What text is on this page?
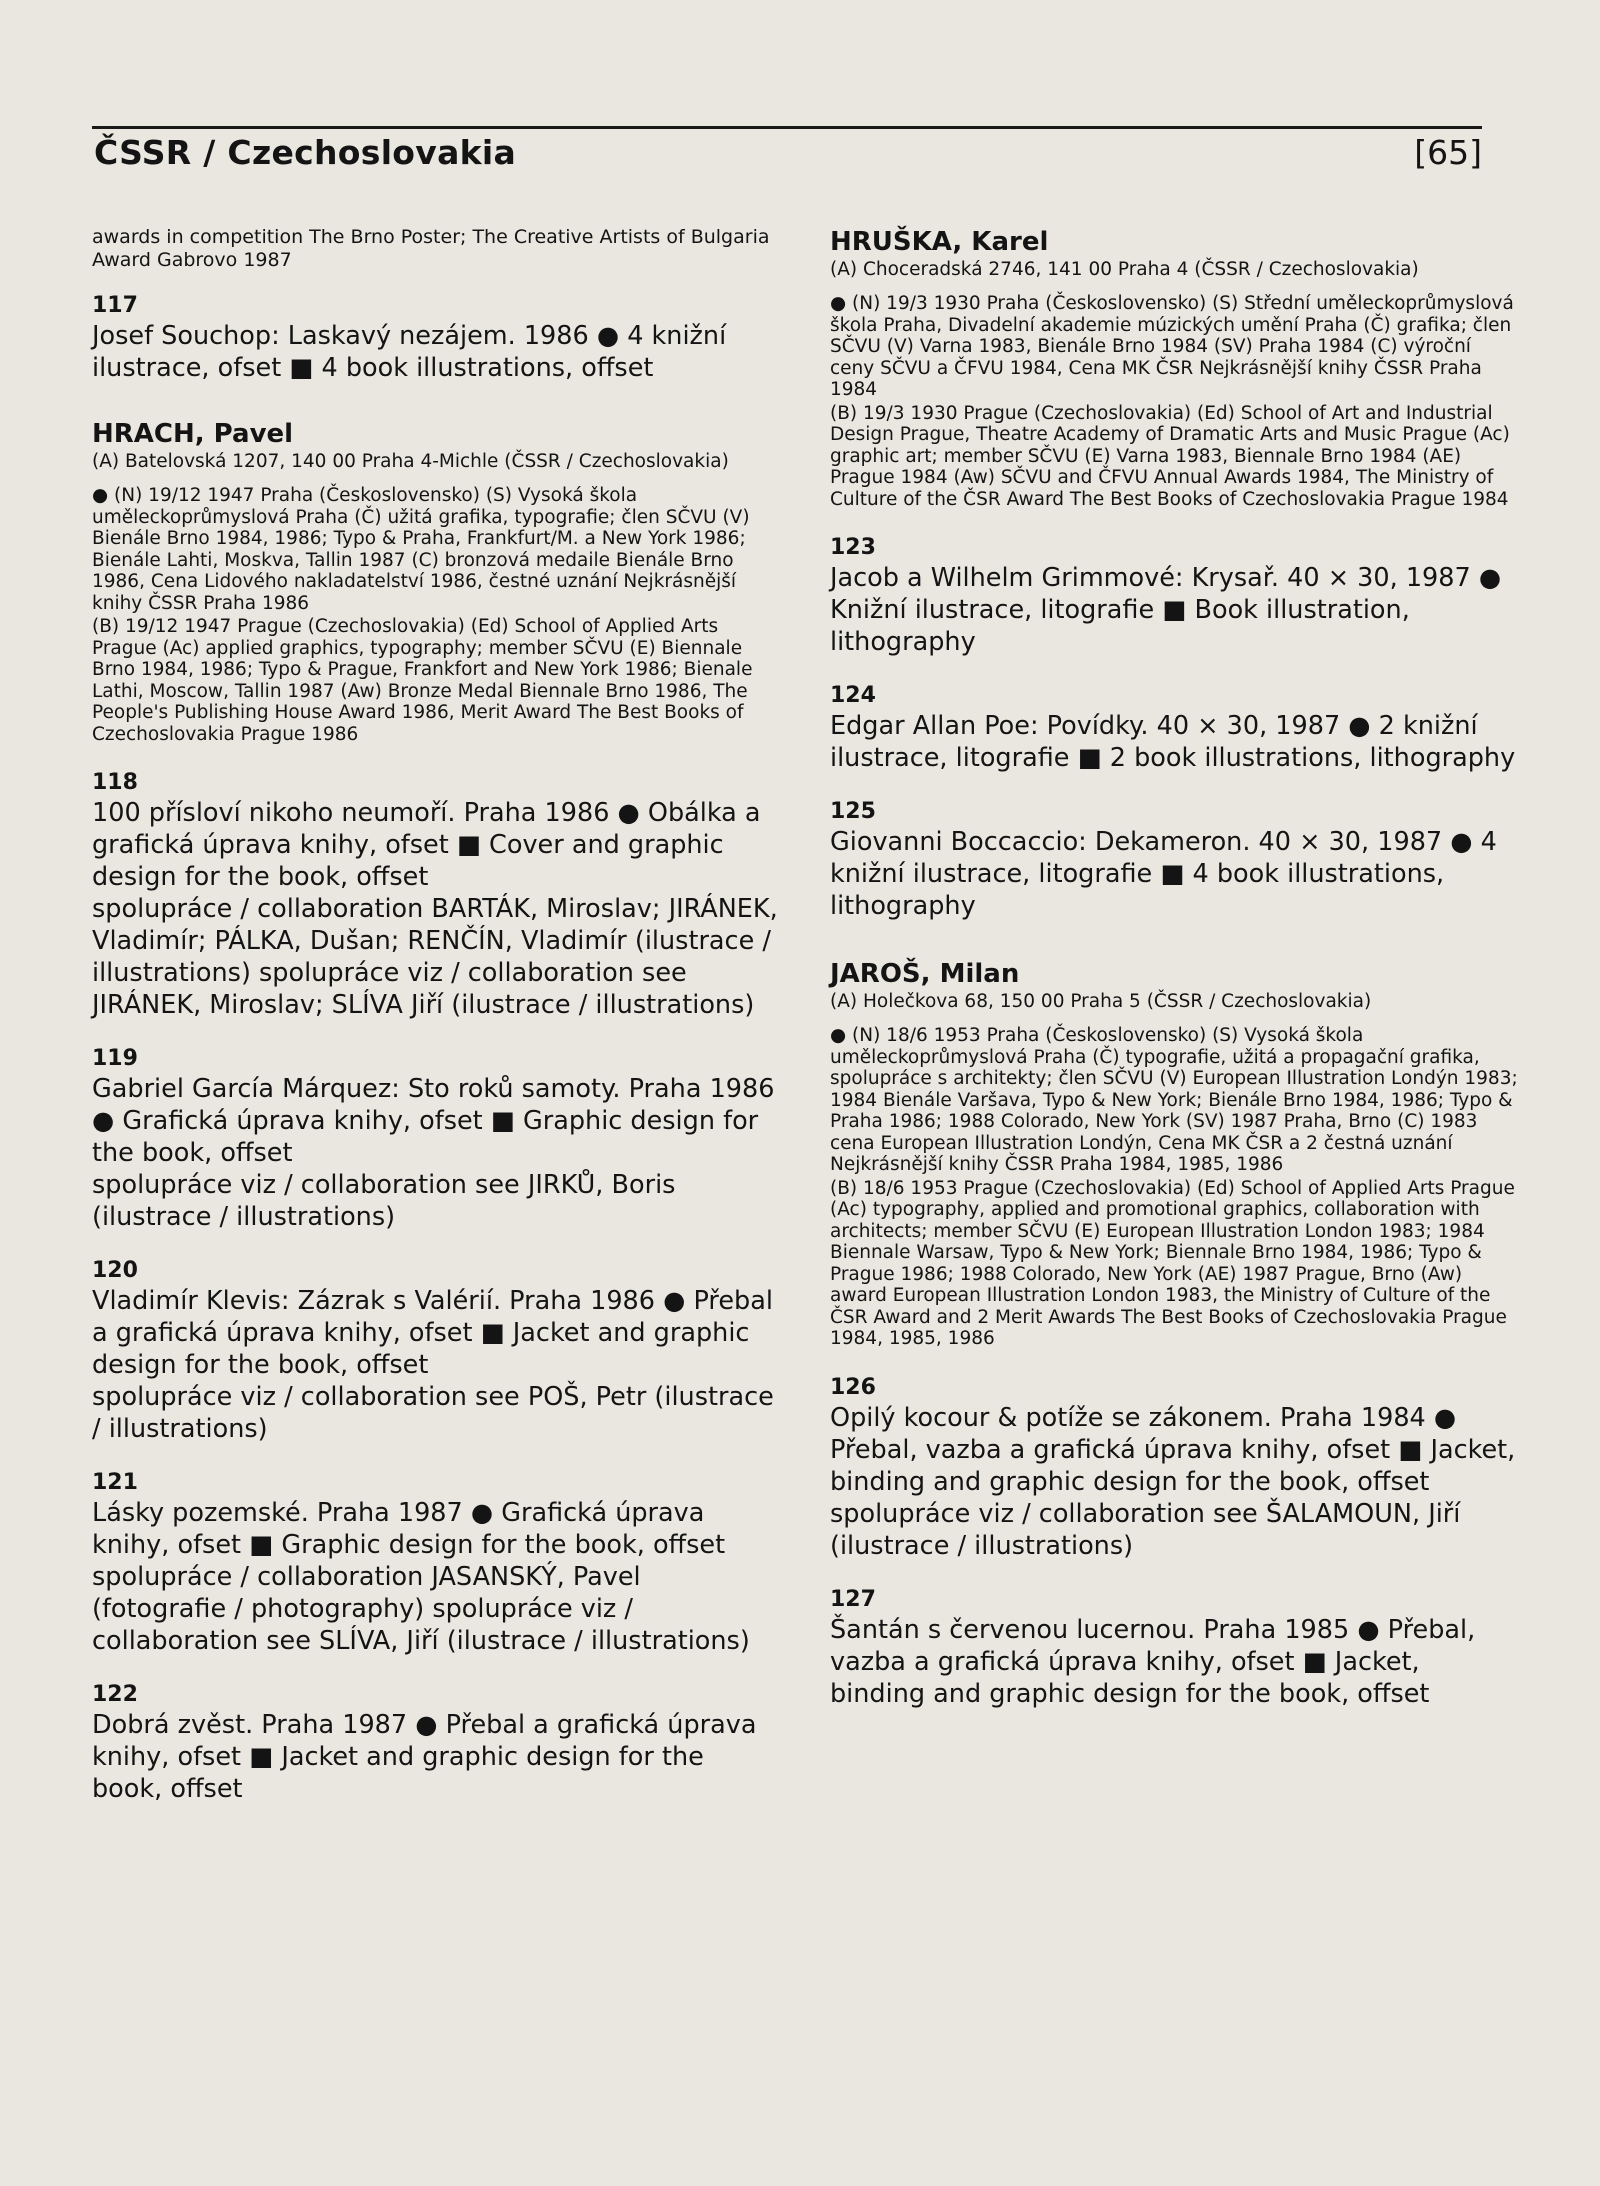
ČSSR / Czechoslovakia	[65]
awards in competition The Brno Poster; The Creative Artists of Bulgaria Award Gabrovo 1987
117
Josef Souchop: Laskavý nezájem. 1986 ● 4 knižní ilustrace, ofset ■ 4 book illustrations, offset
HRACH, Pavel
(A) Batelovská 1207, 140 00 Praha 4-Michle (ČSSR / Czechoslovakia)
● (N) 19/12 1947 Praha (Československo) (S) Vysoká škola uměleckoprůmyslová Praha (Č) užitá grafika, typografie; člen SČVU (V) Bienále Brno 1984, 1986; Typo & Praha, Frankfurt/M. a New York 1986; Bienále Lahti, Moskva, Tallin 1987 (C) bronzová medaile Bienále Brno 1986, Cena Lidového nakladatelství 1986, čestné uznání Nejkrásnější knihy ČSSR Praha 1986
(B) 19/12 1947 Prague (Czechoslovakia) (Ed) School of Applied Arts Prague (Ac) applied graphics, typography; member SČVU (E) Biennale Brno 1984, 1986; Typo & Prague, Frankfort and New York 1986; Bienale Lathi, Moscow, Tallin 1987 (Aw) Bronze Medal Biennale Brno 1986, The People's Publishing House Award 1986, Merit Award The Best Books of Czechoslovakia Prague 1986
118
100 přísloví nikoho neumoří. Praha 1986 ● Obálka a grafická úprava knihy, ofset ■ Cover and graphic design for the book, offset
spolupráce / collaboration BARTÁK, Miroslav; JIRÁNEK, Vladimír; PÁLKA, Dušan; RENČÍN, Vladimír (ilustrace / illustrations) spolupráce viz / collaboration see JIRÁNEK, Miroslav; SLÍVA Jiří (ilustrace / illustrations)
119
Gabriel García Márquez: Sto roků samoty. Praha 1986 ● Grafická úprava knihy, ofset ■ Graphic design for the book, offset
spolupráce viz / collaboration see JIRKŮ, Boris (ilustrace / illustrations)
120
Vladimír Klevis: Zázrak s Valérií. Praha 1986 ● Přebal a grafická úprava knihy, ofset ■ Jacket and graphic design for the book, offset
spolupráce viz / collaboration see POŠ, Petr (ilustrace / illustrations)
121
Lásky pozemské. Praha 1987 ● Grafická úprava knihy, ofset ■ Graphic design for the book, offset
spolupráce / collaboration JASANSKÝ, Pavel (fotografie / photography) spolupráce viz / collaboration see SLÍVA, Jiří (ilustrace / illustrations)
122
Dobrá zvěst. Praha 1987 ● Přebal a grafická úprava knihy, ofset ■ Jacket and graphic design for the book, offset
HRUŠKA, Karel
(A) Choceradská 2746, 141 00 Praha 4 (ČSSR / Czechoslovakia)
● (N) 19/3 1930 Praha (Československo) (S) Střední uměleckoprůmyslová škola Praha, Divadelní akademie múzických umění Praha (Č) grafika; člen SČVU (V) Varna 1983, Bienále Brno 1984 (SV) Praha 1984 (C) výroční ceny SČVU a ČFVU 1984, Cena MK ČSR Nejkrásnější knihy ČSSR Praha 1984
(B) 19/3 1930 Prague (Czechoslovakia) (Ed) School of Art and Industrial Design Prague, Theatre Academy of Dramatic Arts and Music Prague (Ac) graphic art; member SČVU (E) Varna 1983, Biennale Brno 1984 (AE) Prague 1984 (Aw) SČVU and ČFVU Annual Awards 1984, The Ministry of Culture of the ČSR Award The Best Books of Czechoslovakia Prague 1984
123
Jacob a Wilhelm Grimmové: Krysař. 40 × 30, 1987 ● Knižní ilustrace, litografie ■ Book illustration, lithography
124
Edgar Allan Poe: Povídky. 40 × 30, 1987 ● 2 knižní ilustrace, litografie ■ 2 book illustrations, lithography
125
Giovanni Boccaccio: Dekameron. 40 × 30, 1987 ● 4 knižní ilustrace, litografie ■ 4 book illustrations, lithography
JAROŠ, Milan
(A) Holečkova 68, 150 00 Praha 5 (ČSSR / Czechoslovakia)
● (N) 18/6 1953 Praha (Československo) (S) Vysoká škola uměleckoprůmyslová Praha (Č) typografie, užitá a propagační grafika, spolupráce s architekty; člen SČVU (V) European Illustration Londýn 1983; 1984 Bienále Varšava, Typo & New York; Bienále Brno 1984, 1986; Typo & Praha 1986; 1988 Colorado, New York (SV) 1987 Praha, Brno (C) 1983 cena European Illustration Londýn, Cena MK ČSR a 2 čestná uznání Nejkrásnější knihy ČSSR Praha 1984, 1985, 1986
(B) 18/6 1953 Prague (Czechoslovakia) (Ed) School of Applied Arts Prague (Ac) typography, applied and promotional graphics, collaboration with architects; member SČVU (E) European Illustration London 1983; 1984 Biennale Warsaw, Typo & New York; Biennale Brno 1984, 1986; Typo & Prague 1986; 1988 Colorado, New York (AE) 1987 Prague, Brno (Aw) award European Illustration London 1983, the Ministry of Culture of the ČSR Award and 2 Merit Awards The Best Books of Czechoslovakia Prague 1984, 1985, 1986
126
Opilý kocour & potíže se zákonem. Praha 1984 ● Přebal, vazba a grafická úprava knihy, ofset ■ Jacket, binding and graphic design for the book, offset
spolupráce viz / collaboration see ŠALAMOUN, Jiří (ilustrace / illustrations)
127
Šantán s červenou lucernou. Praha 1985 ● Přebal, vazba a grafická úprava knihy, ofset ■ Jacket, binding and graphic design for the book, offset
